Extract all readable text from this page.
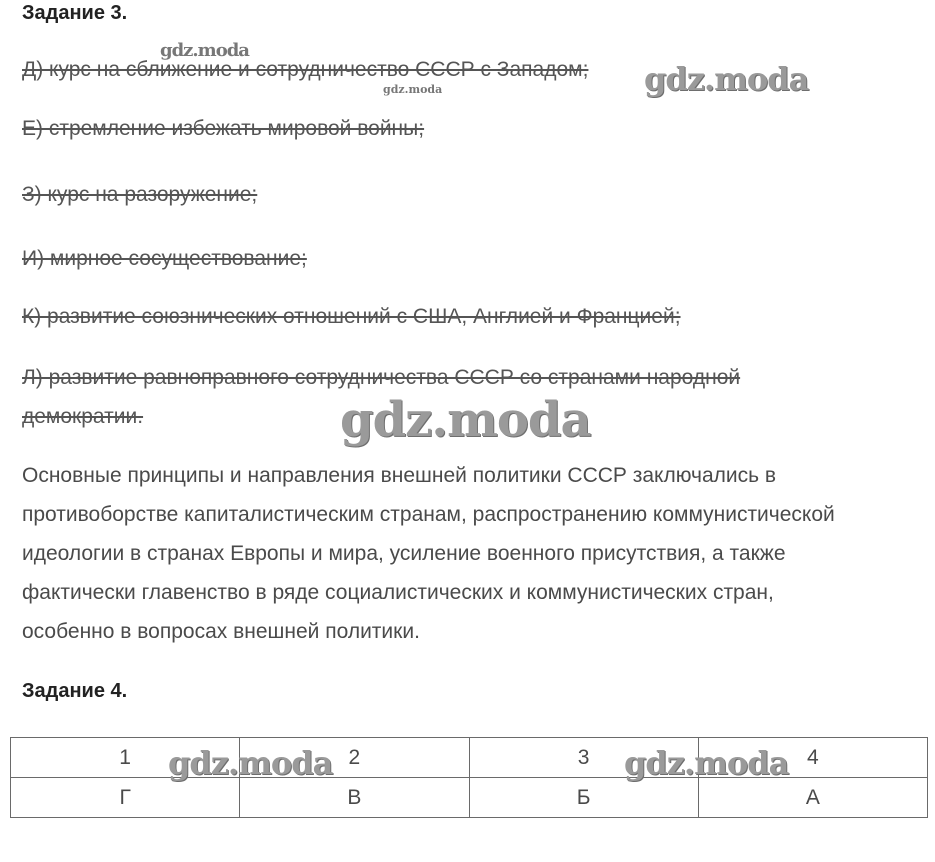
Задание 3.

Д) курс на сближение и сотрудничество СССР с Западом;

Е) стремление избежать мировой войны;

З) курс на разоружение;

И) мирное сосуществование;

К) развитие союзнических отношений с США, Англией и Францией;

Л) развитие равноправного сотрудничества СССР со странами народной

демократии.

Основные принципы и направления внешней политики СССР заключались в
противоборстве капиталистическим странам, распространению коммунистической
идеологии в странах Европы и мира, усиление военного присутствия, а также
фактически главенство в ряде социалистических и коммунистических стран,
особенно в вопросах внешней политики.
Задание 4.
1	2	3	4
Г	В	Б	А
gdz.moda
gdz.moda	gdz.moda
gdz.moda
gdz.moda	gdz.moda
